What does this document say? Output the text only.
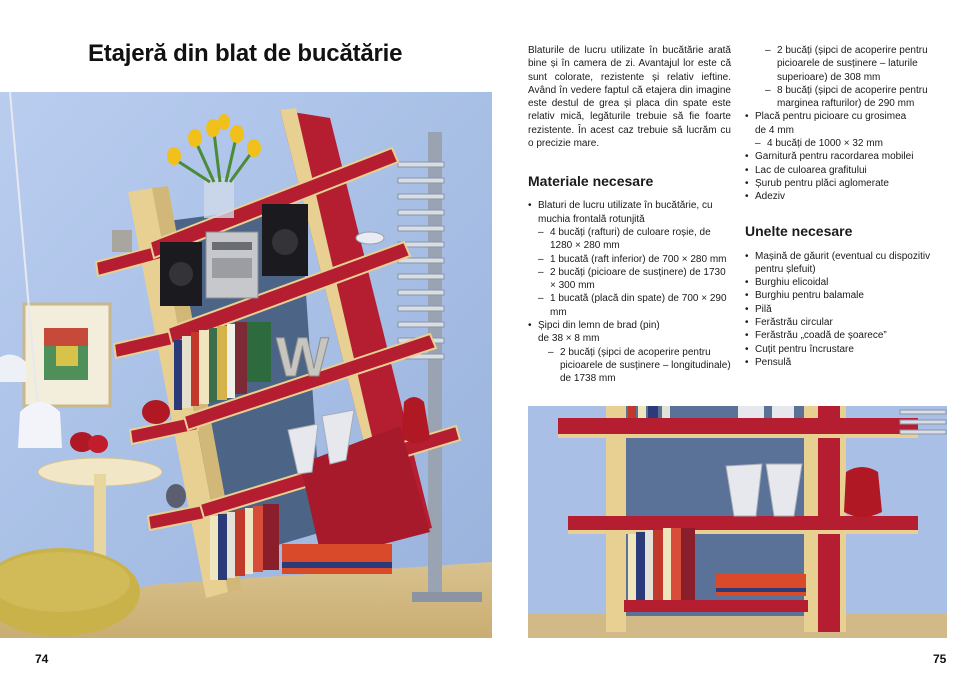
Etajeră din blat de bucătărie
W

Blaturile de lucru utilizate în bucătărie arată bine și în camera de zi. Avantajul lor este că sunt colorate, rezistente și relativ ieftine. Având în vedere faptul că etajera din imagine este destul de grea și placa din spate este relativ mică, legăturile trebuie să fie foarte rezistente. În acest caz trebuie să lucrăm cu o precizie mare.

Materiale necesare
• Blaturi de lucru utilizate în bucătărie, cu muchia frontală rotunjită
– 4 bucăți (rafturi) de culoare roșie, de 1280 × 280 mm
– 1 bucată (raft inferior) de 700 × 280 mm
– 2 bucăți (picioare de susținere) de 1730 × 300 mm
– 1 bucată (placă din spate) de 700 × 290 mm
• Șipci din lemn de brad (pin)
de 38 × 8 mm
– 2 bucăți (șipci de acoperire pentru picioarele de susținere – longitudinale) de 1738 mm
– 2 bucăți (șipci de acoperire pentru picioarele de susținere – laturile superioare) de 308 mm
– 8 bucăți (șipci de acoperire pentru marginea rafturilor) de 290 mm
• Placă pentru picioare cu grosimea
de 4 mm
– 4 bucăți de 1000 × 32 mm
• Garnitură pentru racordarea mobilei
• Lac de culoarea grafitului
• Șurub pentru plăci aglomerate
• Adeziv
Unelte necesare
• Mașină de găurit (eventual cu dispozitiv pentru șlefuit)
• Burghiu elicoidal
• Burghiu pentru balamale
• Pilă
• Ferăstrău circular
• Ferăstrău „coadă de șoarece”
• Cuțit pentru încrustare
• Pensulă
74	75
